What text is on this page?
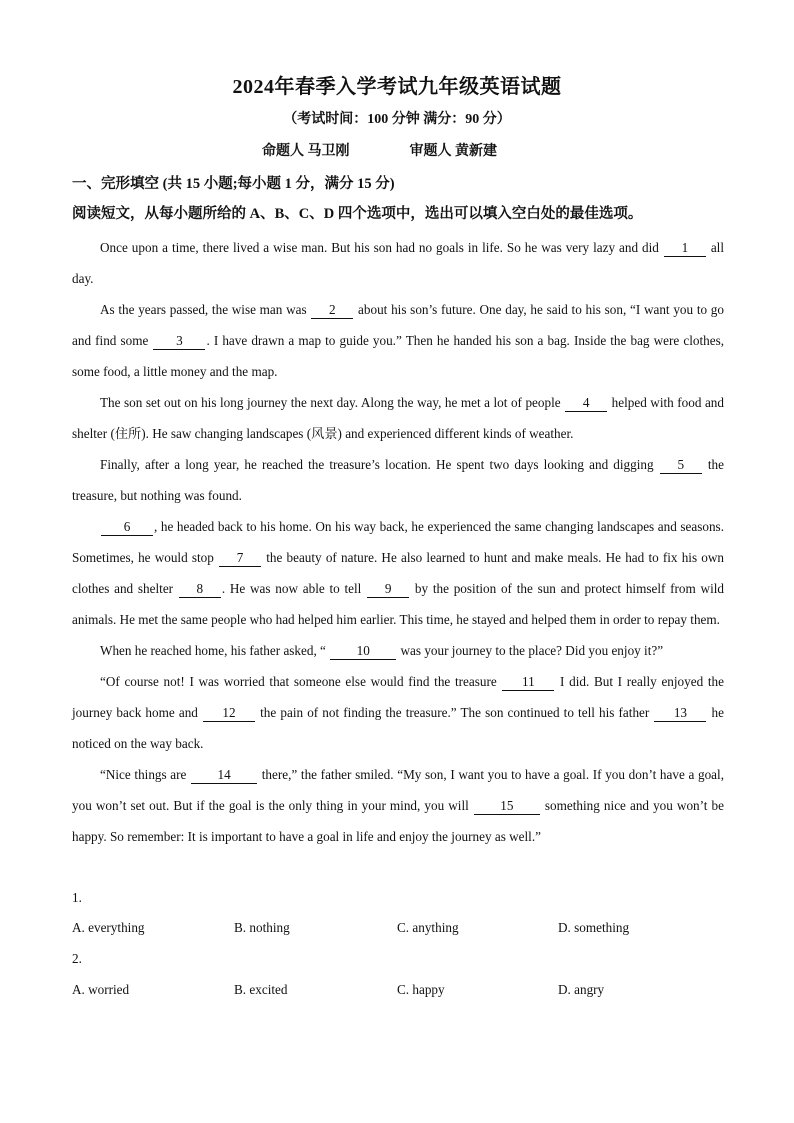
2024年春季入学考试九年级英语试题
（考试时间：100 分钟 满分：90 分）
命题人 马卫刚	审题人 黄新建
一、完形填空 (共 15 小题;每小题 1 分，满分 15 分)
阅读短文，从每小题所给的 A、B、C、D 四个选项中，选出可以填入空白处的最佳选项。

Once upon a time, there lived a wise man. But his son had no goals in life. So he was very lazy and did 1 all day.

As the years passed, the wise man was 2 about his son’s future. One day, he said to his son, “I want you to go and find some 3 . I have drawn a map to guide you.” Then he handed his son a bag. Inside the bag were clothes, some food, a little money and the map.

The son set out on his long journey the next day. Along the way, he met a lot of people 4 helped with food and shelter (住所). He saw changing landscapes (风景) and experienced different kinds of weather.

Finally, after a long year, he reached the treasure’s location. He spent two days looking and digging 5 the treasure, but nothing was found.

6 , he headed back to his home. On his way back, he experienced the same changing landscapes and seasons. Sometimes, he would stop 7 the beauty of nature. He also learned to hunt and make meals. He had to fix his own clothes and shelter 8 . He was now able to tell 9 by the position of the sun and protect himself from wild animals. He met the same people who had helped him earlier. This time, he stayed and helped them in order to repay them.

When he reached home, his father asked, “ 10 was your journey to the place? Did you enjoy it?”

“Of course not! I was worried that someone else would find the treasure 11 I did. But I really enjoyed the journey back home and 12 the pain of not finding the treasure.” The son continued to tell his father 13 he noticed on the way back.

“Nice things are 14 there,” the father smiled. “My son, I want you to have a goal. If you don’t have a goal, you won’t set out. But if the goal is the only thing in your mind, you will 15 something nice and you won’t be happy. So remember: It is important to have a goal in life and enjoy the journey as well.”

1.
A. everything	B. nothing	C. anything	D. something
2.
A. worried	B. excited	C. happy	D. angry
